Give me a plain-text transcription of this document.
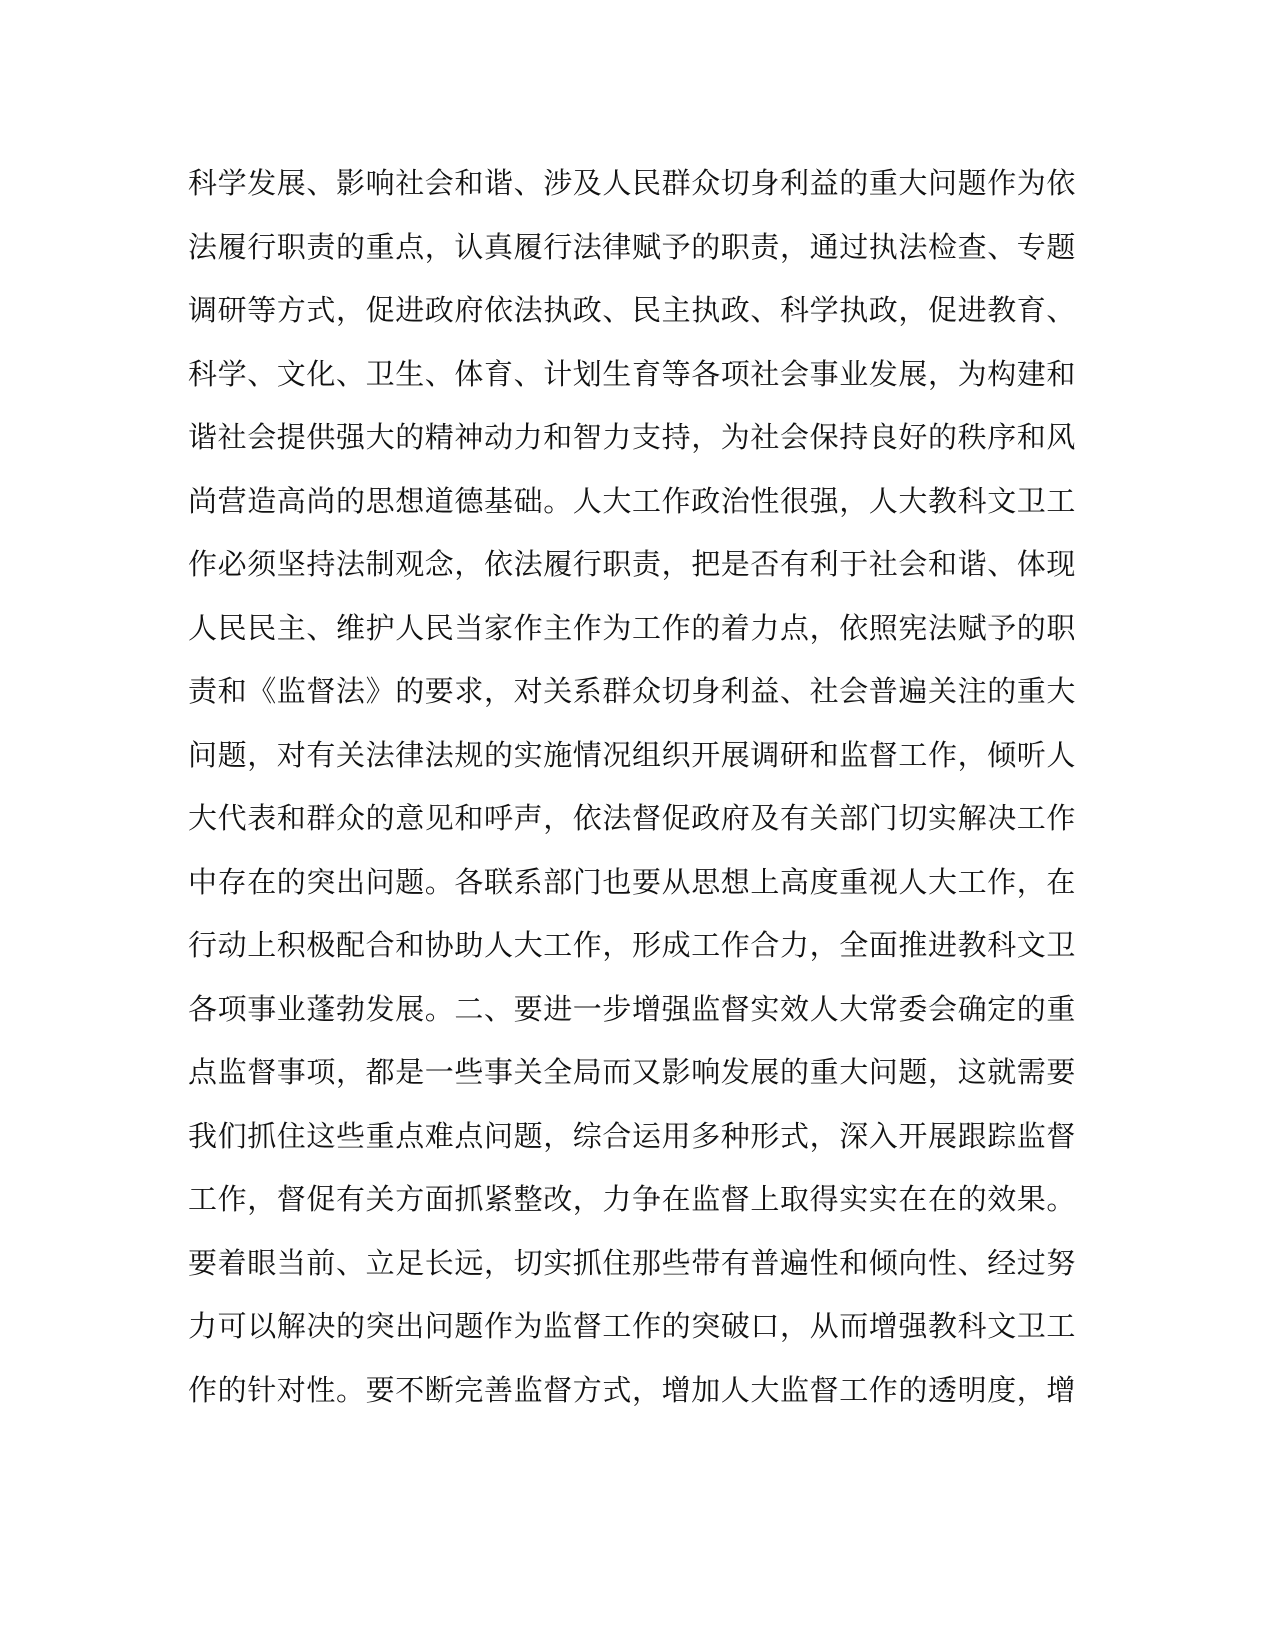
科学发展、影响社会和谐、涉及人民群众切身利益的重大问题作为依
法履行职责的重点，认真履行法律赋予的职责，通过执法检查、专题
调研等方式，促进政府依法执政、民主执政、科学执政，促进教育、
科学、文化、卫生、体育、计划生育等各项社会事业发展，为构建和
谐社会提供强大的精神动力和智力支持，为社会保持良好的秩序和风
尚营造高尚的思想道德基础。人大工作政治性很强，人大教科文卫工
作必须坚持法制观念，依法履行职责，把是否有利于社会和谐、体现
人民民主、维护人民当家作主作为工作的着力点，依照宪法赋予的职
责和《监督法》的要求，对关系群众切身利益、社会普遍关注的重大
问题，对有关法律法规的实施情况组织开展调研和监督工作，倾听人
大代表和群众的意见和呼声，依法督促政府及有关部门切实解决工作
中存在的突出问题。各联系部门也要从思想上高度重视人大工作，在
行动上积极配合和协助人大工作，形成工作合力，全面推进教科文卫
各项事业蓬勃发展。二、要进一步增强监督实效人大常委会确定的重
点监督事项，都是一些事关全局而又影响发展的重大问题，这就需要
我们抓住这些重点难点问题，综合运用多种形式，深入开展跟踪监督
工作，督促有关方面抓紧整改，力争在监督上取得实实在在的效果。
要着眼当前、立足长远，切实抓住那些带有普遍性和倾向性、经过努
力可以解决的突出问题作为监督工作的突破口，从而增强教科文卫工
作的针对性。要不断完善监督方式，增加人大监督工作的透明度，增
